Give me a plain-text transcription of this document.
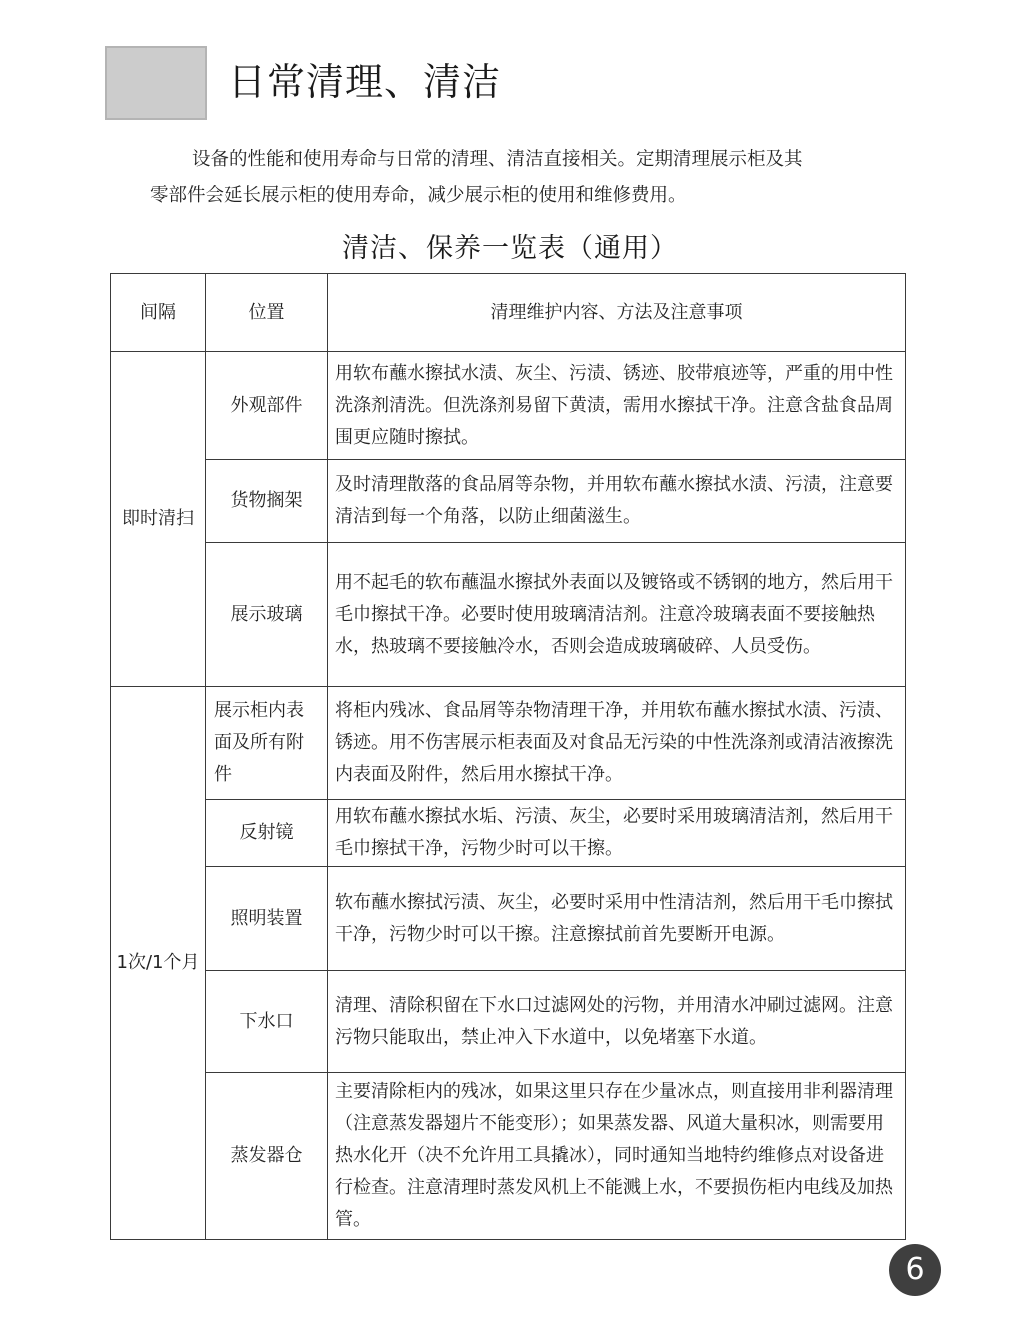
日常清理、清洁
设备的性能和使用寿命与日常的清理、清洁直接相关。定期清理展示柜及其
零部件会延长展示柜的使用寿命，减少展示柜的使用和维修费用。
清洁、保养一览表（通用）
间隔	位置	清理维护内容、方法及注意事项
即时清扫	外观部件	用软布蘸水擦拭水渍、灰尘、污渍、锈迹、胶带痕迹等，严重的用中性洗涤剂清洗。但洗涤剂易留下黄渍，需用水擦拭干净。注意含盐食品周围更应随时擦拭。
	货物搁架	及时清理散落的食品屑等杂物，并用软布蘸水擦拭水渍、污渍，注意要清洁到每一个角落，以防止细菌滋生。
	展示玻璃	用不起毛的软布蘸温水擦拭外表面以及镀铬或不锈钢的地方，然后用干毛巾擦拭干净。必要时使用玻璃清洁剂。注意冷玻璃表面不要接触热水，热玻璃不要接触冷水，否则会造成玻璃破碎、人员受伤。
1次/1个月	展示柜内表面及所有附件	将柜内残冰、食品屑等杂物清理干净，并用软布蘸水擦拭水渍、污渍、锈迹。用不伤害展示柜表面及对食品无污染的中性洗涤剂或清洁液擦洗内表面及附件，然后用水擦拭干净。
	反射镜	用软布蘸水擦拭水垢、污渍、灰尘，必要时采用玻璃清洁剂，然后用干毛巾擦拭干净，污物少时可以干擦。
	照明装置	软布蘸水擦拭污渍、灰尘，必要时采用中性清洁剂，然后用干毛巾擦拭干净，污物少时可以干擦。注意擦拭前首先要断开电源。
	下水口	清理、清除积留在下水口过滤网处的污物，并用清水冲刷过滤网。注意污物只能取出，禁止冲入下水道中，以免堵塞下水道。
	蒸发器仓	主要清除柜内的残冰，如果这里只存在少量冰点，则直接用非利器清理（注意蒸发器翅片不能变形）；如果蒸发器、风道大量积冰，则需要用热水化开（决不允许用工具撬冰），同时通知当地特约维修点对设备进行检查。注意清理时蒸发风机上不能溅上水，不要损伤柜内电线及加热管。
6
